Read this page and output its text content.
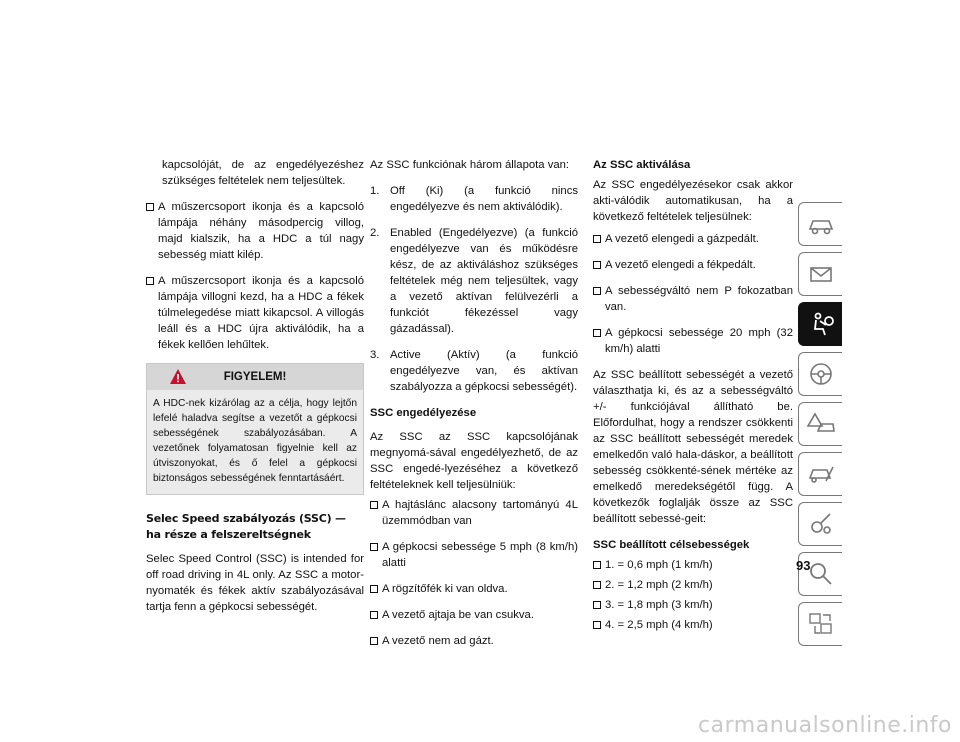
kapcsolóját, de az engedélyezéshez szükséges feltételek nem teljesültek.

A műszercsoport ikonja és a kapcsoló lámpája néhány másodpercig villog, majd kialszik, ha a HDC a túl nagy sebesség miatt kilép.
A műszercsoport ikonja és a kapcsoló lámpája villogni kezd, ha a HDC a fékek túlmelegedése miatt kikapcsol. A villogás leáll és a HDC újra aktiválódik, ha a fékek kellően lehűltek.
FIGYELEM!
A HDC-nek kizárólag az a célja, hogy lejtőn lefelé haladva segítse a vezetőt a gépkocsi sebességének szabályozásában. A vezetőnek folyamatosan figyelnie kell az útviszonyokat, és ő felel a gépkocsi biztonságos sebességének fenntartásáért.
Selec Speed szabályozás (SSC) — ha része a felszereltségnek

Selec Speed Control (SSC) is intended for off road driving in 4L only. Az SSC a motor-nyomaték és fékek aktív szabályozásával tartja fenn a gépkocsi sebességét.

Az SSC funkciónak három állapota van:

1. Off (Ki) (a funkció nincs engedélyezve és nem aktiválódik).
2. Enabled (Engedélyezve) (a funkció engedélyezve van és működésre kész, de az aktiváláshoz szükséges feltételek még nem teljesültek, vagy a vezető aktívan felülvezérli a funkciót fékezéssel vagy gázadással).
3. Active (Aktív) (a funkció engedélyezve van, és aktívan szabályozza a gépkocsi sebességét).
SSC engedélyezése

Az SSC az SSC kapcsolójának megnyomá-sával engedélyezhető, de az SSC engedé-lyezéséhez a következő feltételeknek kell teljesülniük:

A hajtáslánc alacsony tartományú 4L üzemmódban van
A gépkocsi sebessége 5 mph (8 km/h) alatti
A rögzítőfék ki van oldva.
A vezető ajtaja be van csukva.
A vezető nem ad gázt.
Az SSC aktiválása

Az SSC engedélyezésekor csak akkor akti-válódik automatikusan, ha a következő feltételek teljesülnek:

A vezető elengedi a gázpedált.
A vezető elengedi a fékpedált.
A sebességváltó nem P fokozatban van.
A gépkocsi sebessége 20 mph (32 km/h) alatti

Az SSC beállított sebességét a vezető választhatja ki, és az a sebességváltó +/- funkciójával állítható be. Előfordulhat, hogy a rendszer csökkenti az SSC beállított sebességét meredek emelkedőn való hala-dáskor, a beállított sebesség csökkenté-sének mértéke az emelkedő meredekségétől függ. A következők foglalják össze az SSC beállított sebessé-geit:

SSC beállított célsebességek
1. = 0,6 mph (1 km/h)
2. = 1,2 mph (2 km/h)
3. = 1,8 mph (3 km/h)
4. = 2,5 mph (4 km/h)
93
carmanualsonline.info
